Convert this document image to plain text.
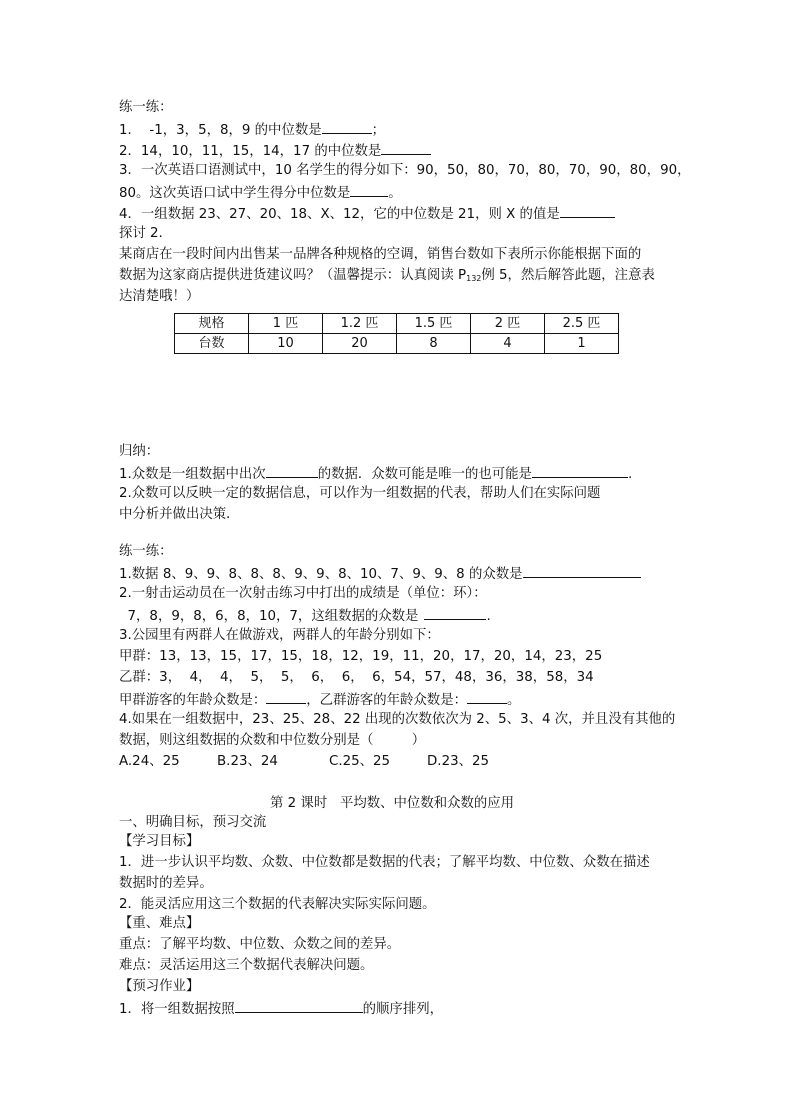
练一练：
1．  -1，3，5，8，9 的中位数是	；
2．14，10，11，15，14，17 的中位数是
3．一次英语口语测试中，10 名学生的得分如下：90，50，80，70，80，70，90，80，90，
80。这次英语口试中学生得分中位数是	。
4．一组数据 23、27、20、18、X、12，它的中位数是 21，则 X 的值是
探讨 2.
某商店在一段时间内出售某一品牌各种规格的空调，销售台数如下表所示你能根据下面的
数据为这家商店提供进货建议吗？（温馨提示：认真阅读 $P_{132}$例 5，然后解答此题，注意表
达清楚哦！）
规格	1 匹	1.2 匹	1.5 匹	2 匹	2.5 匹
台数	10	20	8	4	1
归纳：
1.众数是一组数据中出次	的数据．众数可能是唯一的也可能是	.
2.众数可以反映一定的数据信息，可以作为一组数据的代表，帮助人们在实际问题
中分析并做出决策．
练一练：
1.数据 8、9、9、8、8、8、9、9、8、10、7、9、9、8 的众数是
2.一射击运动员在一次射击练习中打出的成绩是（单位：环）：
7，8，9，8，6，8，10，7，这组数据的众数是	.
3.公园里有两群人在做游戏，两群人的年龄分别如下：
甲群：13，13，15，17，15，18，12，19，11，20，17，20，14，23，25
乙群：3，  4，  4，  5，  5，  6，  6，  6，54，57，48，36，38，58，34
甲群游客的年龄众数是：	，乙群游客的年龄众数是：	。
4.如果在一组数据中，23、25、28、22 出现的次数依次为 2、5、3、4 次，并且没有其他的
数据，则这组数据的众数和中位数分别是（         ）
A.24、25	B.23、24	C.25、25	D.23、25
第 2 课时   平均数、中位数和众数的应用
一、明确目标，预习交流
【学习目标】
1．进一步认识平均数、众数、中位数都是数据的代表；了解平均数、中位数、众数在描述
数据时的差异。
2．能灵活应用这三个数据的代表解决实际实际问题。
【重、难点】
重点：了解平均数、中位数、众数之间的差异。
难点：灵活运用这三个数据代表解决问题。
【预习作业】
1．将一组数据按照	的顺序排列，
